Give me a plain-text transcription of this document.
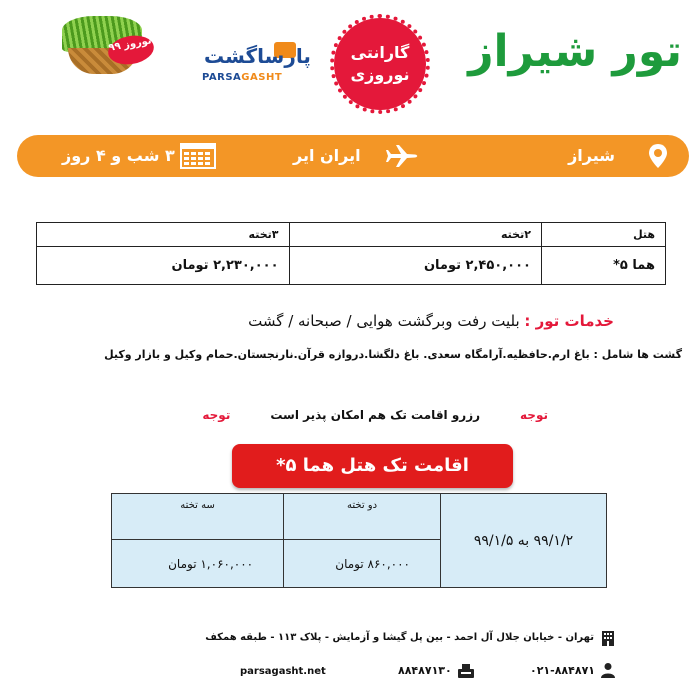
تور شیراز
گارانتی
نوروزی
پارساگشت
PARSAGASHT
نوروز ۹۹
شیراز
ایران ایر
۳ شب و ۴ روز
هتل	۲تخته	۳تخته
هما ۵*	۲,۴۵۰,۰۰۰ تومان	۲,۲۳۰,۰۰۰ تومان
خدمات تور : بلیت رفت وبرگشت هوایی / صبحانه / گشت
گشت ها شامل : باغ ارم.حافظیه.آرامگاه سعدی. باغ دلگشا.دروازه قرآن.نارنجستان.حمام وکیل و بازار وکیل
توجه
رزرو اقامت تک هم امکان پذیر است
توجه
اقامت تک هتل هما ۵*
۹۹/۱/۲ به ۹۹/۱/۵	دو تخته	سه تخته
	۸۶۰,۰۰۰ تومان	۱,۰۶۰,۰۰۰ تومان
تهران - خیابان جلال آل احمد - بین پل گیشا و آزمایش - پلاک ۱۱۳ - طبقه همکف
parsagasht.net	۸۸۴۸۷۱۳۰	۰۲۱-۸۸۴۸۷۱
